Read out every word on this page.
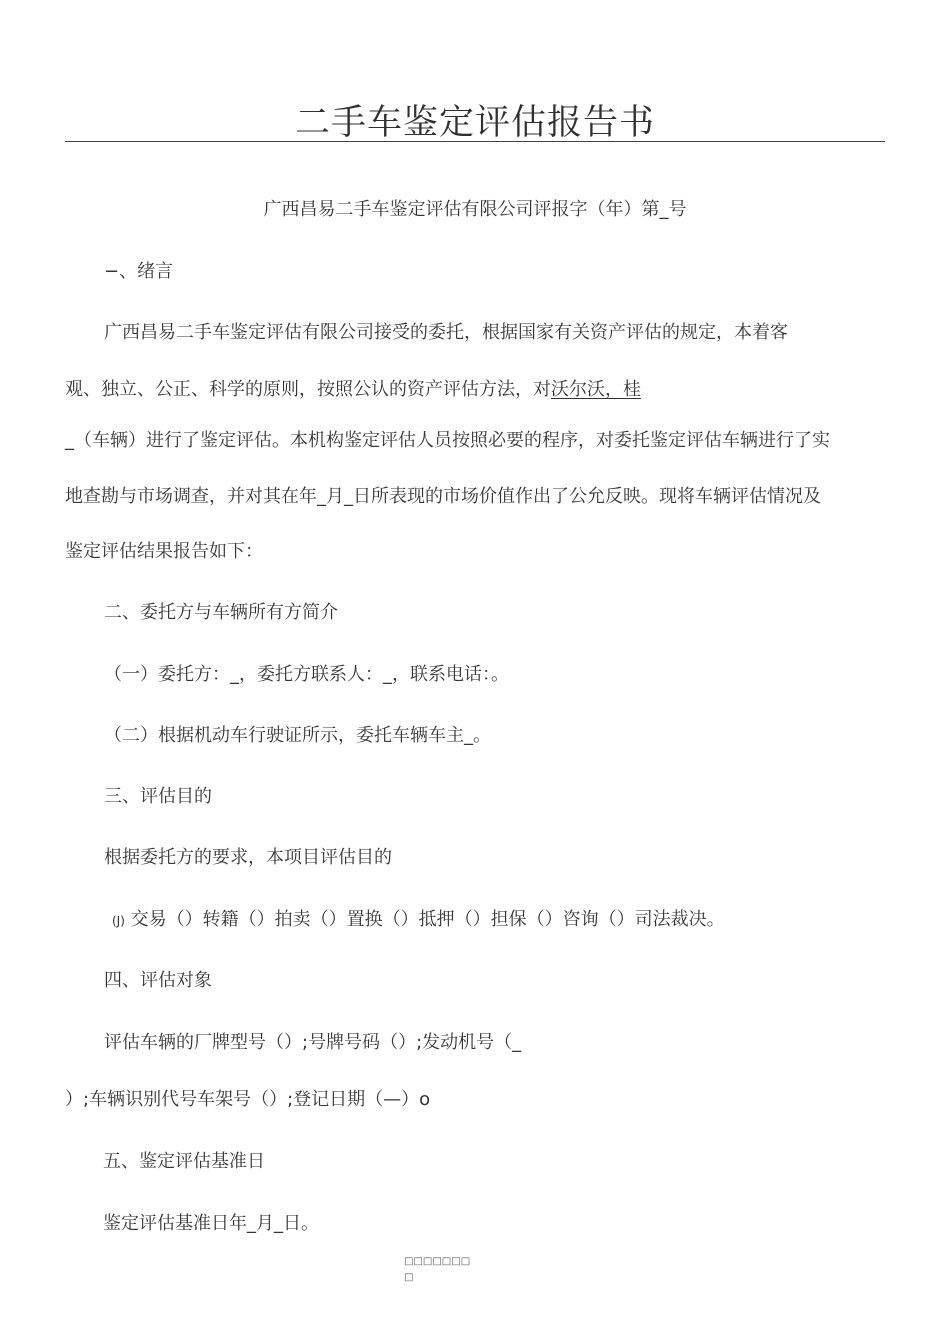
二手车鉴定评估报告书
广西昌易二手车鉴定评估有限公司评报字（年）第_号
−、绪言
广西昌易二手车鉴定评估有限公司接受的委托，根据国家有关资产评估的规定，本着客
观、独立、公正、科学的原则，按照公认的资产评估方法，对沃尔沃，桂
_（车辆）进行了鉴定评估。本机构鉴定评估人员按照必要的程序，对委托鉴定评估车辆进行了实
地查勘与市场调查，并对其在年_月_日所表现的市场价值作出了公允反映。现将车辆评估情况及
鉴定评估结果报告如下：
二、委托方与车辆所有方简介
（一）委托方：_，委托方联系人：_，联系电话：。
（二）根据机动车行驶证所示，委托车辆车主_。
三、评估目的
根据委托方的要求，本项目评估目的
(J) 交易（）转籍（）拍卖（）置换（）抵押（）担保（）咨询（）司法裁决。
四、评估对象
评估车辆的厂牌型号（）;号牌号码（）;发动机号（_
）;车辆识别代号车架号（）;登记日期（—）o
五、鉴定评估基准日
鉴定评估基准日年_月_日。
□□□□□□□
□
